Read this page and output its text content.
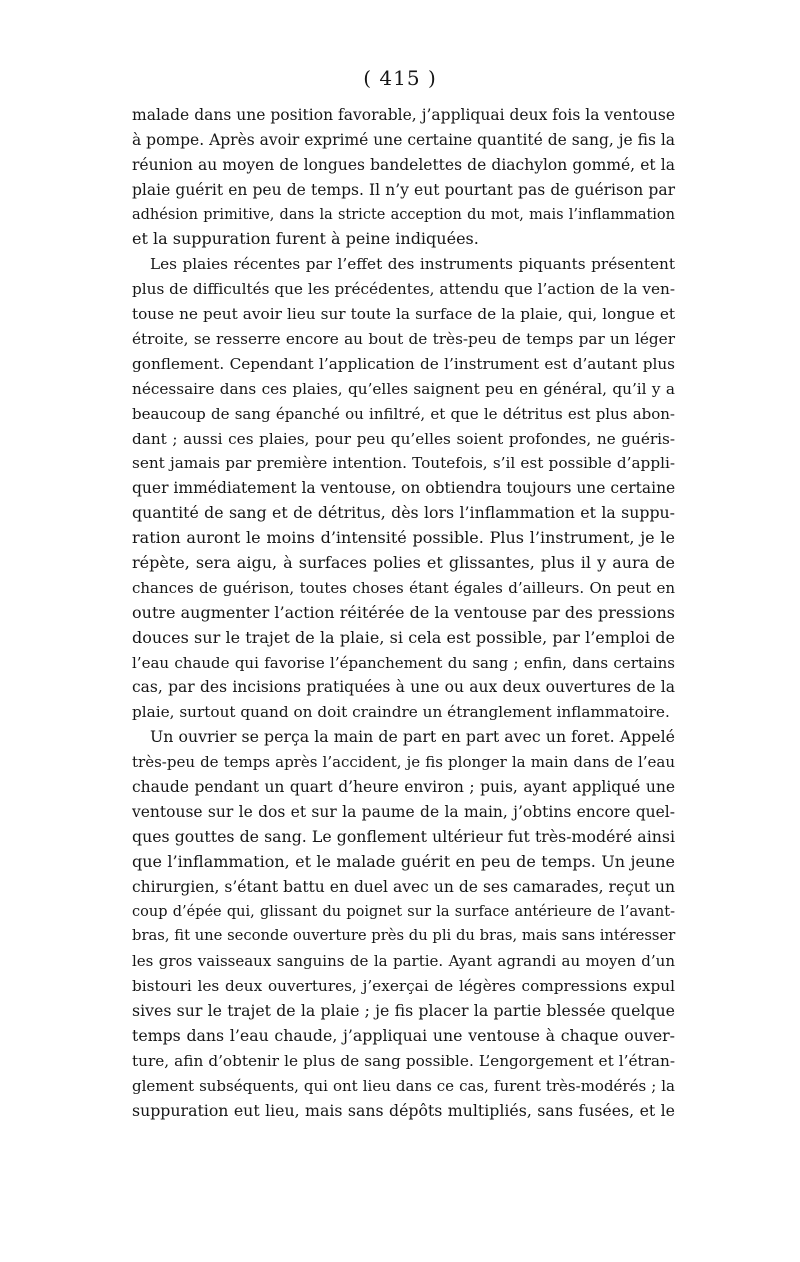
( 415 )
malade dans une position favorable, j’appliquai deux fois la ventouse
à pompe. Après avoir exprimé une certaine quantité de sang, je fis la
réunion au moyen de longues bandelettes de diachylon gommé, et la
plaie guérit en peu de temps. Il n’y eut pourtant pas de guérison par
adhésion primitive, dans la stricte acception du mot, mais l’inflammation
et la suppuration furent à peine indiquées.
Les plaies récentes par l’effet des instruments piquants présentent
plus de difficultés que les précédentes, attendu que l’action de la ven-
touse ne peut avoir lieu sur toute la surface de la plaie, qui, longue et
étroite, se resserre encore au bout de très-peu de temps par un léger
gonflement. Cependant l’application de l’instrument est d’autant plus
nécessaire dans ces plaies, qu’elles saignent peu en général, qu’il y a
beaucoup de sang épanché ou infiltré, et que le détritus est plus abon-
dant ; aussi ces plaies, pour peu qu’elles soient profondes, ne guéris-
sent jamais par première intention. Toutefois, s’il est possible d’appli-
quer immédiatement la ventouse, on obtiendra toujours une certaine
quantité de sang et de détritus, dès lors l’inflammation et la suppu-
ration auront le moins d’intensité possible. Plus l’instrument, je le
répète, sera aigu, à surfaces polies et glissantes, plus il y aura de
chances de guérison, toutes choses étant égales d’ailleurs. On peut en
outre augmenter l’action réitérée de la ventouse par des pressions
douces sur le trajet de la plaie, si cela est possible, par l’emploi de
l’eau chaude qui favorise l’épanchement du sang ; enfin, dans certains
cas, par des incisions pratiquées à une ou aux deux ouvertures de la
plaie, surtout quand on doit craindre un étranglement inflammatoire.
Un ouvrier se perça la main de part en part avec un foret. Appelé
très-peu de temps après l’accident, je fis plonger la main dans de l’eau
chaude pendant un quart d’heure environ ; puis, ayant appliqué une
ventouse sur le dos et sur la paume de la main, j’obtins encore quel-
ques gouttes de sang. Le gonflement ultérieur fut très-modéré ainsi
que l’inflammation, et le malade guérit en peu de temps. Un jeune
chirurgien, s’étant battu en duel avec un de ses camarades, reçut un
coup d’épée qui, glissant du poignet sur la surface antérieure de l’avant-
bras, fit une seconde ouverture près du pli du bras, mais sans intéresser
les gros vaisseaux sanguins de la partie. Ayant agrandi au moyen d’un
bistouri les deux ouvertures, j’exerçai de légères compressions expul
sives sur le trajet de la plaie ; je fis placer la partie blessée quelque
temps dans l’eau chaude, j’appliquai une ventouse à chaque ouver-
ture, afin d’obtenir le plus de sang possible. L’engorgement et l’étran-
glement subséquents, qui ont lieu dans ce cas, furent très-modérés ; la
suppuration eut lieu, mais sans dépôts multipliés, sans fusées, et le
